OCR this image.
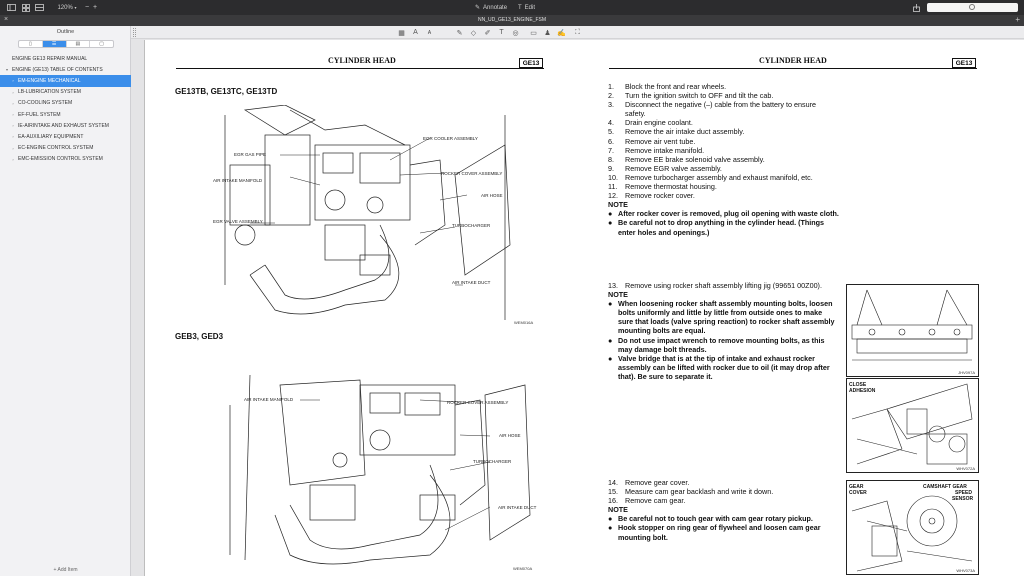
120%
▾ − +	✎ Annotate T Edit
×	NN_UD_GE13_ENGINE_FSM	+
Outline
▯	☰	▤	▢
ENGINE GE13 REPAIR MANUAL
▾ ENGINE (GE13) TABLE OF CONTENTS
› EM-ENGINE MECHANICAL
› LB-LUBRICATION SYSTEM
› CO-COOLING SYSTEM
› EF-FUEL SYSTEM
› IE-AIRINTAKE AND EXHAUST SYSTEM
› EA-AUXILIARY EQUIPMENT
› EC-ENGINE CONTROL SYSTEM
› EMC-EMISSION CONTROL SYSTEM
+ Add Item
▦	A	ᴀ	✎ ◇ ✐	T	◎ ▭ ♟ ✍ ⛶
CYLINDER HEAD	GE13	CYLINDER HEAD	GE13
GE13TB, GE13TC, GE13TD
EGR GAS PIPE
EGR COOLER ASSEMBLY
ROCKER COVER ASSEMBLY
AIR INTAKE MANIFOLD
AIR HOSE
EGR VALVE ASSEMBLY
TURBOCHARGER
AIR INTAKE DUCT
WEM016A
GEB3, GED3
AIR INTAKE MANIFOLD
ROCKER COVER ASSEMBLY
AIR HOSE
TURBOCHARGER
AIR INTAKE DUCT
WEM070A
1.	Block the front and rear wheels.
2.	Turn the ignition switch to OFF and tilt the cab.
3.	Disconnect the negative (–) cable from the battery to ensure
safety.
4.	Drain engine coolant.
5.	Remove the air intake duct assembly.
6.	Remove air vent tube.
7.	Remove intake manifold.
8.	Remove EE brake solenoid valve assembly.
9.	Remove EGR valve assembly.
10. Remove turbocharger assembly and exhaust manifold, etc.
11.	Remove thermostat housing.
12. Remove rocker cover.
NOTE
● After rocker cover is removed, plug oil opening with waste cloth.
● Be careful not to drop anything in the cylinder head. (Things enter holes and openings.)
13. Remove using rocker shaft assembly lifting jig (99651 00Z00).
NOTE
● When loosening rocker shaft assembly mounting bolts, loosen bolts uniformly and little by little from outside ones to make sure that loads (valve spring reaction) to rocker shaft assembly mounting bolts are equal.
● Do not use impact wrench to remove mounting bolts, as this may damage bolt threads.
● Valve bridge that is at the tip of intake and exhaust rocker assembly can be lifted with rocker due to oil (it may drop after that). Be sure to separate it.
14. Remove gear cover.
15. Measure cam gear backlash and write it down.
16. Remove cam gear.
NOTE
● Be careful not to touch gear with cam gear rotary pickup.
● Hook stopper on ring gear of flywheel and loosen cam gear mounting bolt.
JHV097A
CLOSE
ADHESION
WHV072A
GEAR
COVER
CAMSHAFT GEAR
SPEED
SENSOR
WHV073A
